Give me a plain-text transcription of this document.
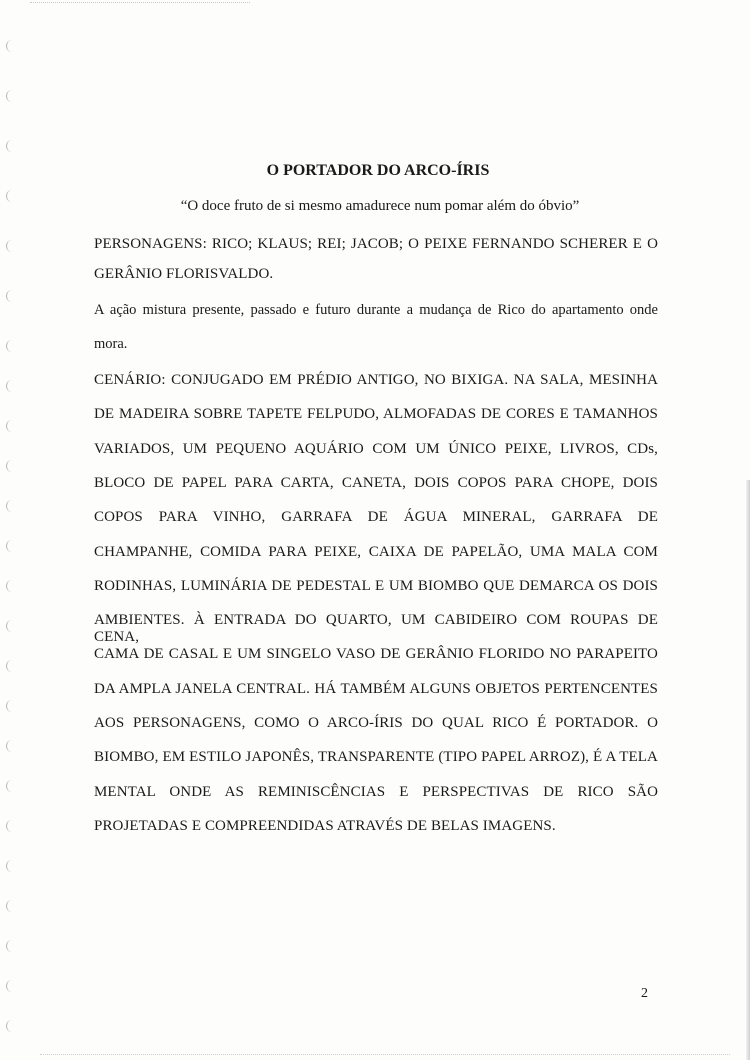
O PORTADOR DO ARCO-ÍRIS
“O doce fruto de si mesmo amadurece num pomar além do óbvio”
PERSONAGENS: RICO; KLAUS; REI; JACOB; O PEIXE FERNANDO SCHERER E O
GERÂNIO FLORISVALDO.
A ação mistura presente, passado e futuro durante a mudança de Rico do apartamento onde
mora.
CENÁRIO: CONJUGADO EM PRÉDIO ANTIGO, NO BIXIGA. NA SALA, MESINHA
DE MADEIRA SOBRE TAPETE FELPUDO, ALMOFADAS DE CORES E TAMANHOS
VARIADOS, UM PEQUENO AQUÁRIO COM UM ÚNICO PEIXE, LIVROS, CDs,
BLOCO DE PAPEL PARA CARTA, CANETA, DOIS COPOS PARA CHOPE, DOIS
COPOS PARA VINHO, GARRAFA DE ÁGUA MINERAL, GARRAFA DE
CHAMPANHE, COMIDA PARA PEIXE, CAIXA DE PAPELÃO, UMA MALA COM
RODINHAS, LUMINÁRIA DE PEDESTAL E UM BIOMBO QUE DEMARCA OS DOIS
AMBIENTES. À ENTRADA DO QUARTO, UM CABIDEIRO COM ROUPAS DE CENA,
CAMA DE CASAL E UM SINGELO VASO DE GERÂNIO FLORIDO NO PARAPEITO
DA AMPLA JANELA CENTRAL. HÁ TAMBÉM ALGUNS OBJETOS PERTENCENTES
AOS PERSONAGENS, COMO O ARCO-ÍRIS DO QUAL RICO É PORTADOR. O
BIOMBO, EM ESTILO JAPONÊS, TRANSPARENTE (TIPO PAPEL ARROZ), É A TELA
MENTAL ONDE AS REMINISCÊNCIAS E PERSPECTIVAS DE RICO SÃO
PROJETADAS E COMPREENDIDAS ATRAVÉS DE BELAS IMAGENS.
2
